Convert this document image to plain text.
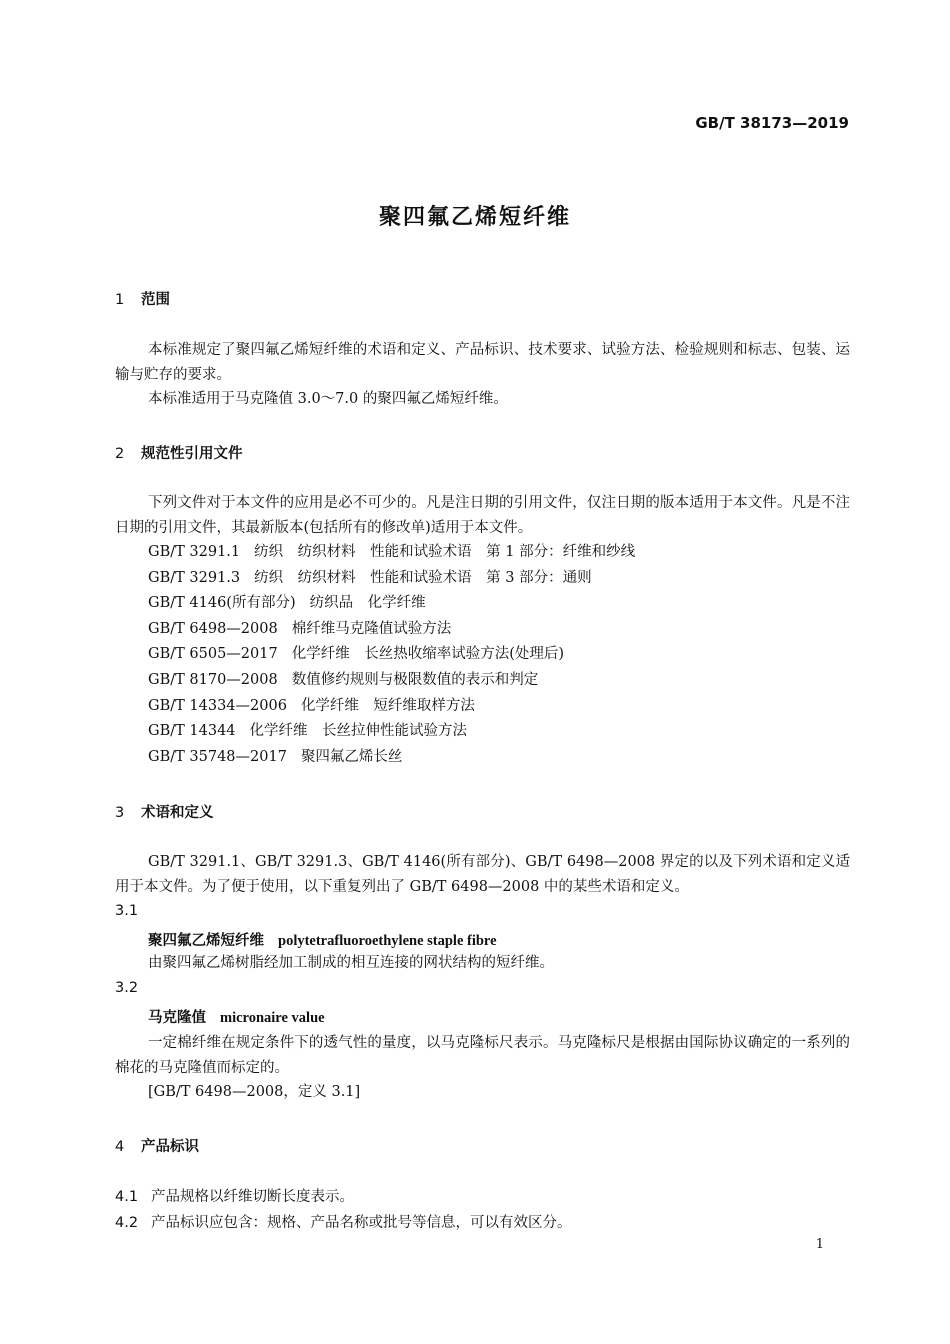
GB/T 38173—2019
聚四氟乙烯短纤维
1 范围
本标准规定了聚四氟乙烯短纤维的术语和定义、产品标识、技术要求、试验方法、检验规则和标志、包装、运输与贮存的要求。
本标准适用于马克隆值 3.0～7.0 的聚四氟乙烯短纤维。
2 规范性引用文件
下列文件对于本文件的应用是必不可少的。凡是注日期的引用文件，仅注日期的版本适用于本文件。凡是不注日期的引用文件，其最新版本(包括所有的修改单)适用于本文件。
GB/T 3291.1 纺织　纺织材料　性能和试验术语　第 1 部分：纤维和纱线
GB/T 3291.3 纺织　纺织材料　性能和试验术语　第 3 部分：通则
GB/T 4146(所有部分) 纺织品　化学纤维
GB/T 6498—2008 棉纤维马克隆值试验方法
GB/T 6505—2017 化学纤维　长丝热收缩率试验方法(处理后)
GB/T 8170—2008 数值修约规则与极限数值的表示和判定
GB/T 14334—2006 化学纤维　短纤维取样方法
GB/T 14344 化学纤维　长丝拉伸性能试验方法
GB/T 35748—2017 聚四氟乙烯长丝
3 术语和定义
GB/T 3291.1、GB/T 3291.3、GB/T 4146(所有部分)、GB/T 6498—2008 界定的以及下列术语和定义适用于本文件。为了便于使用，以下重复列出了 GB/T 6498—2008 中的某些术语和定义。
3.1
聚四氟乙烯短纤维 polytetrafluoroethylene staple fibre
由聚四氟乙烯树脂经加工制成的相互连接的网状结构的短纤维。
3.2
马克隆值 micronaire value
一定棉纤维在规定条件下的透气性的量度，以马克隆标尺表示。马克隆标尺是根据由国际协议确定的一系列的棉花的马克隆值而标定的。
[GB/T 6498—2008，定义 3.1]
4 产品标识
4.1 产品规格以纤维切断长度表示。
4.2 产品标识应包含：规格、产品名称或批号等信息，可以有效区分。
1
